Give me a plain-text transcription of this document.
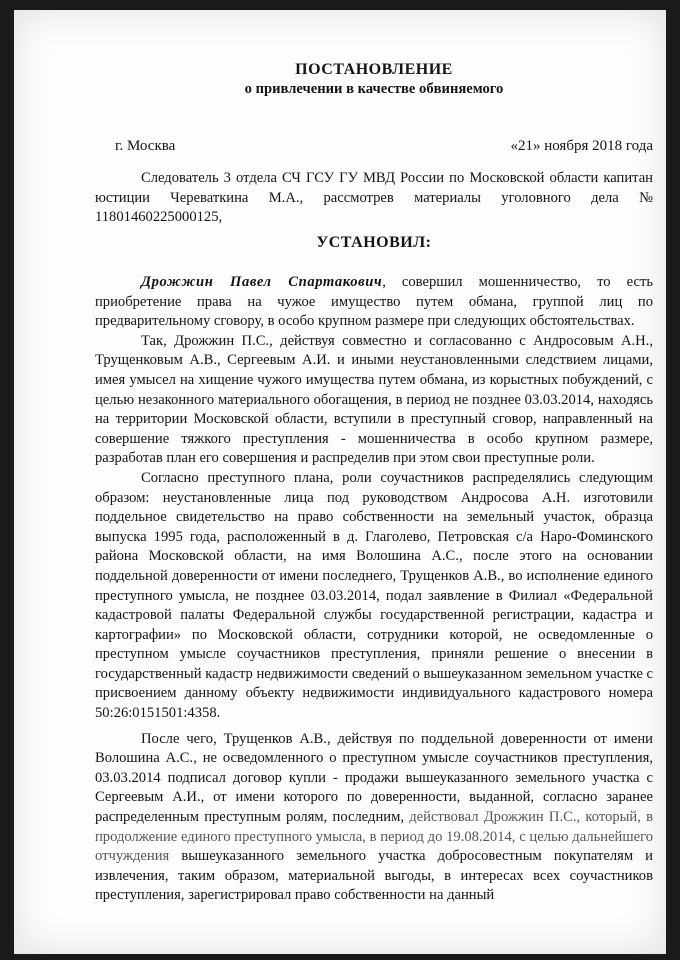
ПОСТАНОВЛЕНИЕ
о привлечении в качестве обвиняемого
г. Москва	«21» ноября 2018 года

Следователь 3 отдела СЧ ГСУ ГУ МВД России по Московской области капитан юстиции Череваткина М.А., рассмотрев материалы уголовного дела № 11801460225000125,

УСТАНОВИЛ:

Дрожжин Павел Спартакович, совершил мошенничество, то есть приобретение права на чужое имущество путем обмана, группой лиц по предварительному сговору, в особо крупном размере при следующих обстоятельствах.

Так, Дрожжин П.С., действуя совместно и согласованно с Андросовым А.Н., Трущенковым А.В., Сергеевым А.И. и иными неустановленными следствием лицами, имея умысел на хищение чужого имущества путем обмана, из корыстных побуждений, с целью незаконного материального обогащения, в период не позднее 03.03.2014, находясь на территории Московской области, вступили в преступный сговор, направленный на совершение тяжкого преступления - мошенничества в особо крупном размере, разработав план его совершения и распределив при этом свои преступные роли.

Согласно преступного плана, роли соучастников распределялись следующим образом: неустановленные лица под руководством Андросова А.Н. изготовили поддельное свидетельство на право собственности на земельный участок, образца выпуска 1995 года, расположенный в д. Глаголево, Петровская с/а Наро-Фоминского района Московской области, на имя Волошина А.С., после этого на основании поддельной доверенности от имени последнего, Трущенков А.В., во исполнение единого преступного умысла, не позднее 03.03.2014, подал заявление в Филиал «Федеральной кадастровой палаты Федеральной службы государственной регистрации, кадастра и картографии» по Московской области, сотрудники которой, не осведомленные о преступном умысле соучастников преступления, приняли решение о внесении в государственный кадастр недвижимости сведений о вышеуказанном земельном участке с присвоением данному объекту недвижимости индивидуального кадастрового номера 50:26:0151501:4358.

После чего, Трущенков А.В., действуя по поддельной доверенности от имени Волошина А.С., не осведомленного о преступном умысле соучастников преступления, 03.03.2014 подписал договор купли - продажи вышеуказанного земельного участка с Сергеевым А.И., от имени которого по доверенности, выданной, согласно заранее распределенным преступным ролям, последним, действовал Дрожжин П.С., который, в продолжение единого преступного умысла, в период до 19.08.2014, с целью дальнейшего отчуждения вышеуказанного земельного участка добросовестным покупателям и извлечения, таким образом, материальной выгоды, в интересах всех соучастников преступления, зарегистрировал право собственности на данный
